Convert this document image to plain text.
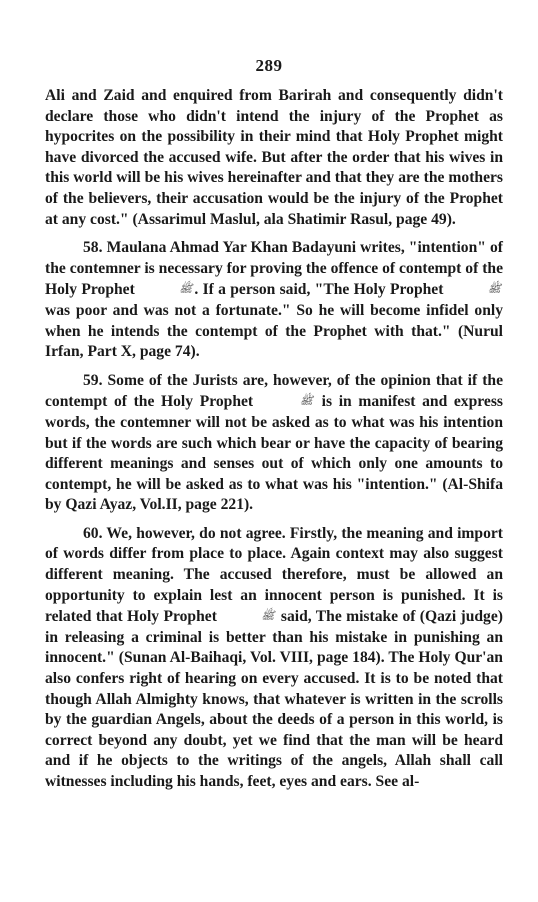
289

Ali and Zaid and enquired from Barirah and consequently didn't declare those who didn't intend the injury of the Prophet as hypocrites on the possibility in their mind that Holy Prophet might have divorced the accused wife. But after the order that his wives in this world will be his wives hereinafter and that they are the mothers of the believers, their accusation would be the injury of the Prophet at any cost." (Assarimul Maslul, ala Shatimir Rasul, page 49).

58. Maulana Ahmad Yar Khan Badayuni writes, "intention" of the contemner is necessary for proving the offence of contempt of the Holy Prophet	ﷺ . If a person said, "The Holy Prophet	ﷺ was poor and was not a fortunate." So he will become infidel only when he intends the contempt of the Prophet with that." (Nurul Irfan, Part X, page 74).

59. Some of the Jurists are, however, of the opinion that if the contempt of the Holy Prophet	ﷺ is in manifest and express words, the contemner will not be asked as to what was his intention but if the words are such which bear or have the capacity of bearing different meanings and senses out of which only one amounts to contempt, he will be asked as to what was his "intention." (Al-Shifa by Qazi Ayaz, Vol.II, page 221).

60. We, however, do not agree. Firstly, the meaning and import of words differ from place to place. Again context may also suggest different meaning. The accused therefore, must be allowed an opportunity to explain lest an innocent person is punished. It is related that Holy Prophet	ﷺ said, The mistake of (Qazi judge) in releasing a criminal is better than his mistake in punishing an innocent." (Sunan Al-Baihaqi, Vol. VIII, page 184). The Holy Qur'an also confers right of hearing on every accused. It is to be noted that though Allah Almighty knows, that whatever is written in the scrolls by the guardian Angels, about the deeds of a person in this world, is correct beyond any doubt, yet we find that the man will be heard and if he objects to the writings of the angels, Allah shall call witnesses including his hands, feet, eyes and ears. See al-
